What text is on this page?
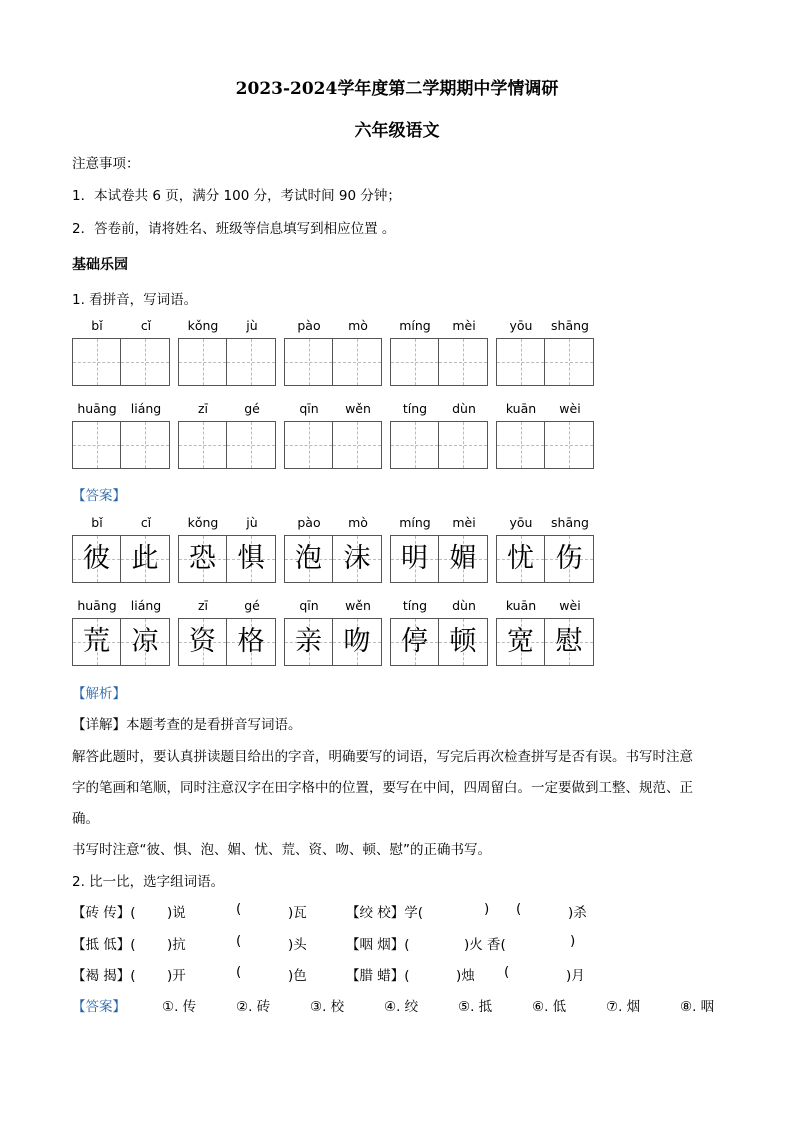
2023-2024学年度第二学期期中学情调研
六年级语文
注意事项：
1．本试卷共 6 页，满分 100 分，考试时间 90 分钟；
2．答卷前，请将姓名、班级等信息填写到相应位置 。
基础乐园
1. 看拼音，写词语。
bǐ	cǐ	kǒng	jù	pào	mò	míng	mèi	yōu	shāng
huāng	liáng	zī	gé	qīn	wěn	tíng	dùn	kuān	wèi
【答案】
bǐ	cǐ
彼 此
kǒng	jù
恐 惧
pào	mò
泡 沫
míng	mèi
明 媚
yōu	shāng
忧 伤
huāng	liáng
荒 凉
zī	gé
资 格
qīn	wěn
亲 吻
tíng	dùn
停 顿
kuān	wèi
宽 慰
【解析】
【详解】本题考查的是看拼音写词语。
解答此题时，要认真拼读题目给出的字音，明确要写的词语，写完后再次检查拼写是否有误。书写时注意
字的笔画和笔顺，同时注意汉字在田字格中的位置，要写在中间，四周留白。一定要做到工整、规范、正
确。
书写时注意“彼、惧、泡、媚、忧、荒、资、吻、顿、慰”的正确书写。
2. 比一比，选字组词语。
【砖 传】( )说	(	)瓦	【绞 校】学(	) (	)杀
【抵 低】( )抗	(	)头	【咽 烟】(	)火 香(	)
【褐 揭】( )开	(	)色	【腊 蜡】(	)烛 (	)月
【答案】	①. 传	②. 砖	③. 校	④. 绞	⑤. 抵	⑥. 低	⑦. 烟	⑧. 咽
